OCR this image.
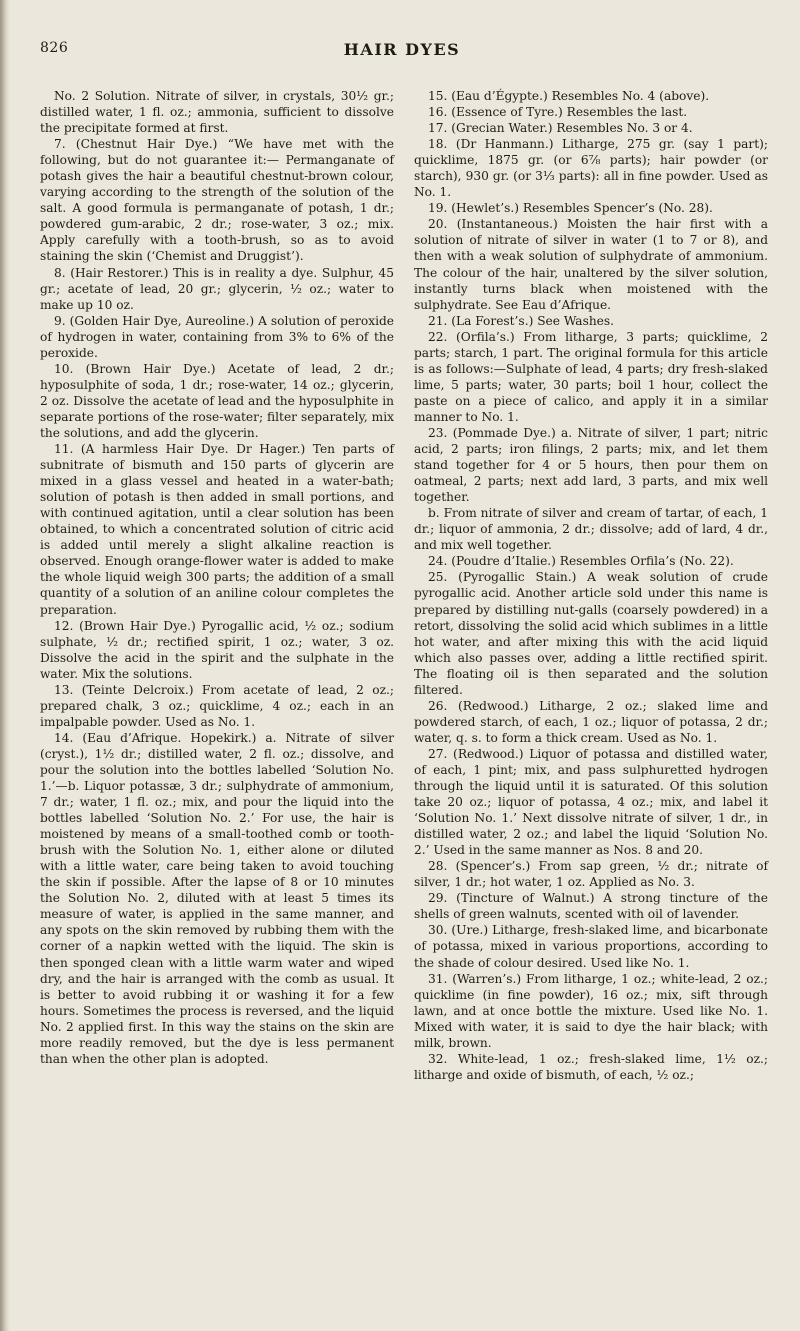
826	HAIR DYES

No. 2 Solution. Nitrate of silver, in crystals, 30½ gr.; distilled water, 1 fl. oz.; ammonia, sufficient to dissolve the precipitate formed at first.

7. (Chestnut Hair Dye.) “We have met with the following, but do not guarantee it:— Permanganate of potash gives the hair a beautiful chestnut-brown colour, varying according to the strength of the solution of the salt. A good formula is permanganate of potash, 1 dr.; powdered gum-arabic, 2 dr.; rose-water, 3 oz.; mix. Apply carefully with a tooth-brush, so as to avoid staining the skin (‘Chemist and Druggist’).

8. (Hair Restorer.) This is in reality a dye. Sulphur, 45 gr.; acetate of lead, 20 gr.; glycerin, ½ oz.; water to make up 10 oz.

9. (Golden Hair Dye, Aureoline.) A solution of peroxide of hydrogen in water, containing from 3% to 6% of the peroxide.

10. (Brown Hair Dye.) Acetate of lead, 2 dr.; hyposulphite of soda, 1 dr.; rose-water, 14 oz.; glycerin, 2 oz. Dissolve the acetate of lead and the hyposulphite in separate portions of the rose-water; filter separately, mix the solutions, and add the glycerin.

11. (A harmless Hair Dye. Dr Hager.) Ten parts of subnitrate of bismuth and 150 parts of glycerin are mixed in a glass vessel and heated in a water-bath; solution of potash is then added in small portions, and with continued agitation, until a clear solution has been obtained, to which a concentrated solution of citric acid is added until merely a slight alkaline reaction is observed. Enough orange-flower water is added to make the whole liquid weigh 300 parts; the addition of a small quantity of a solution of an aniline colour completes the preparation.

12. (Brown Hair Dye.) Pyrogallic acid, ½ oz.; sodium sulphate, ½ dr.; rectified spirit, 1 oz.; water, 3 oz. Dissolve the acid in the spirit and the sulphate in the water. Mix the solutions.

13. (Teinte Delcroix.) From acetate of lead, 2 oz.; prepared chalk, 3 oz.; quicklime, 4 oz.; each in an impalpable powder. Used as No. 1.

14. (Eau d’Afrique. Hopekirk.) a. Nitrate of silver (cryst.), 1½ dr.; distilled water, 2 fl. oz.; dissolve, and pour the solution into the bottles labelled ‘Solution No. 1.’—b. Liquor potassæ, 3 dr.; sulphydrate of ammonium, 7 dr.; water, 1 fl. oz.; mix, and pour the liquid into the bottles labelled ‘Solution No. 2.’ For use, the hair is moistened by means of a small-toothed comb or tooth-brush with the Solution No. 1, either alone or diluted with a little water, care being taken to avoid touching the skin if possible. After the lapse of 8 or 10 minutes the Solution No. 2, diluted with at least 5 times its measure of water, is applied in the same manner, and any spots on the skin removed by rubbing them with the corner of a napkin wetted with the liquid. The skin is then sponged clean with a little warm water and wiped dry, and the hair is arranged with the comb as usual. It is better to avoid rubbing it or washing it for a few hours. Sometimes the process is reversed, and the liquid No. 2 applied first. In this way the stains on the skin are more readily removed, but the dye is less permanent than when the other plan is adopted.

15. (Eau d’Égypte.) Resembles No. 4 (above).

16. (Essence of Tyre.) Resembles the last.

17. (Grecian Water.) Resembles No. 3 or 4.

18. (Dr Hanmann.) Litharge, 275 gr. (say 1 part); quicklime, 1875 gr. (or 6⅞ parts); hair powder (or starch), 930 gr. (or 3⅓ parts): all in fine powder. Used as No. 1.

19. (Hewlet’s.) Resembles Spencer’s (No. 28).

20. (Instantaneous.) Moisten the hair first with a solution of nitrate of silver in water (1 to 7 or 8), and then with a weak solution of sulphydrate of ammonium. The colour of the hair, unaltered by the silver solution, instantly turns black when moistened with the sulphydrate. See Eau d’Afrique.

21. (La Forest’s.) See Washes.

22. (Orfila’s.) From litharge, 3 parts; quicklime, 2 parts; starch, 1 part. The original formula for this article is as follows:—Sulphate of lead, 4 parts; dry fresh-slaked lime, 5 parts; water, 30 parts; boil 1 hour, collect the paste on a piece of calico, and apply it in a similar manner to No. 1.

23. (Pommade Dye.) a. Nitrate of silver, 1 part; nitric acid, 2 parts; iron filings, 2 parts; mix, and let them stand together for 4 or 5 hours, then pour them on oatmeal, 2 parts; next add lard, 3 parts, and mix well together.

b. From nitrate of silver and cream of tartar, of each, 1 dr.; liquor of ammonia, 2 dr.; dissolve; add of lard, 4 dr., and mix well together.

24. (Poudre d’Italie.) Resembles Orfila’s (No. 22).

25. (Pyrogallic Stain.) A weak solution of crude pyrogallic acid. Another article sold under this name is prepared by distilling nut-galls (coarsely powdered) in a retort, dissolving the solid acid which sublimes in a little hot water, and after mixing this with the acid liquid which also passes over, adding a little rectified spirit. The floating oil is then separated and the solution filtered.

26. (Redwood.) Litharge, 2 oz.; slaked lime and powdered starch, of each, 1 oz.; liquor of potassa, 2 dr.; water, q. s. to form a thick cream. Used as No. 1.

27. (Redwood.) Liquor of potassa and distilled water, of each, 1 pint; mix, and pass sulphuretted hydrogen through the liquid until it is saturated. Of this solution take 20 oz.; liquor of potassa, 4 oz.; mix, and label it ‘Solution No. 1.’ Next dissolve nitrate of silver, 1 dr., in distilled water, 2 oz.; and label the liquid ‘Solution No. 2.’ Used in the same manner as Nos. 8 and 20.

28. (Spencer’s.) From sap green, ½ dr.; nitrate of silver, 1 dr.; hot water, 1 oz. Applied as No. 3.

29. (Tincture of Walnut.) A strong tincture of the shells of green walnuts, scented with oil of lavender.

30. (Ure.) Litharge, fresh-slaked lime, and bicarbonate of potassa, mixed in various proportions, according to the shade of colour desired. Used like No. 1.

31. (Warren’s.) From litharge, 1 oz.; white-lead, 2 oz.; quicklime (in fine powder), 16 oz.; mix, sift through lawn, and at once bottle the mixture. Used like No. 1. Mixed with water, it is said to dye the hair black; with milk, brown.

32. White-lead, 1 oz.; fresh-slaked lime, 1½ oz.; litharge and oxide of bismuth, of each, ½ oz.;
